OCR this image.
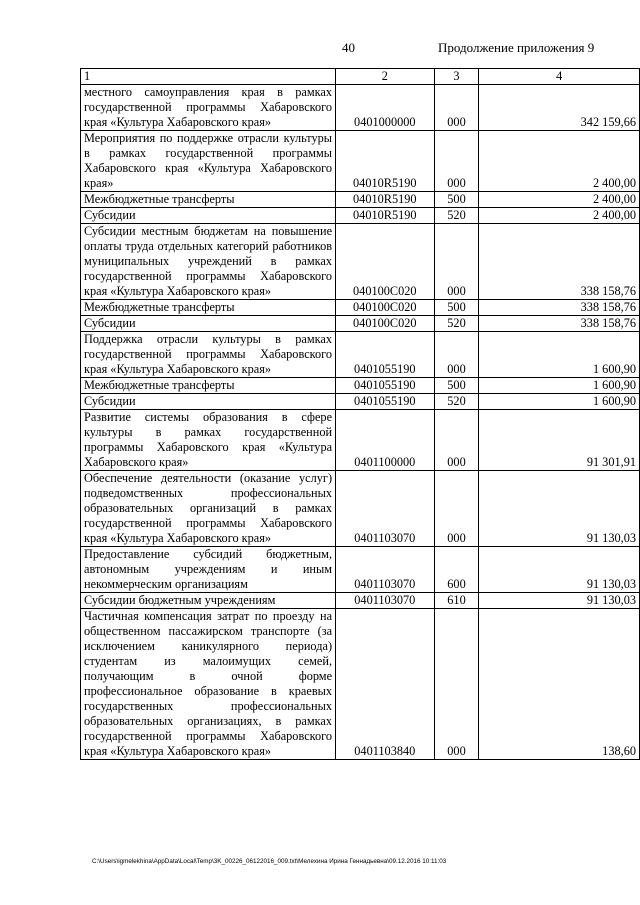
40	Продолжение приложения 9
1	2	3	4
местного самоуправления края в рамках государственной программы Хабаровского края «Культура Хабаровского края»	0401000000	000	342 159,66
Мероприятия по поддержке отрасли культуры в рамках государственной программы Хабаровского края «Культура Хабаровского края»	04010R5190	000	2 400,00
Межбюджетные трансферты	04010R5190	500	2 400,00
Субсидии	04010R5190	520	2 400,00
Субсидии местным бюджетам на повышение оплаты труда отдельных категорий работников муниципальных учреждений в рамках государственной программы Хабаровского края «Культура Хабаровского края»	040100С020	000	338 158,76
Межбюджетные трансферты	040100С020	500	338 158,76
Субсидии	040100С020	520	338 158,76
Поддержка отрасли культуры в рамках государственной программы Хабаровского края «Культура Хабаровского края»	0401055190	000	1 600,90
Межбюджетные трансферты	0401055190	500	1 600,90
Субсидии	0401055190	520	1 600,90
Развитие системы образования в сфере культуры в рамках государственной программы Хабаровского края «Культура Хабаровского края»	0401100000	000	91 301,91
Обеспечение деятельности (оказание услуг) подведомственных профессиональных образовательных организаций в рамках государственной программы Хабаровского края «Культура Хабаровского края»	0401103070	000	91 130,03
Предоставление субсидий бюджетным, автономным учреждениям и иным некоммерческим организациям	0401103070	600	91 130,03
Субсидии бюджетным учреждениям	0401103070	610	91 130,03
Частичная компенсация затрат по проезду на общественном пассажирском транспорте (за исключением каникулярного периода) студентам из малоимущих семей, получающим в очной форме профессиональное образование в краевых государственных профессиональных образовательных организациях, в рамках государственной программы Хабаровского края «Культура Хабаровского края»	0401103840	000	138,60
C:\Users\igmelekhina\AppData\Local\Temp\3K_00226_06122016_009.txt\Мелехина Ирина Геннадьевна\09.12.2016 10:11:03
